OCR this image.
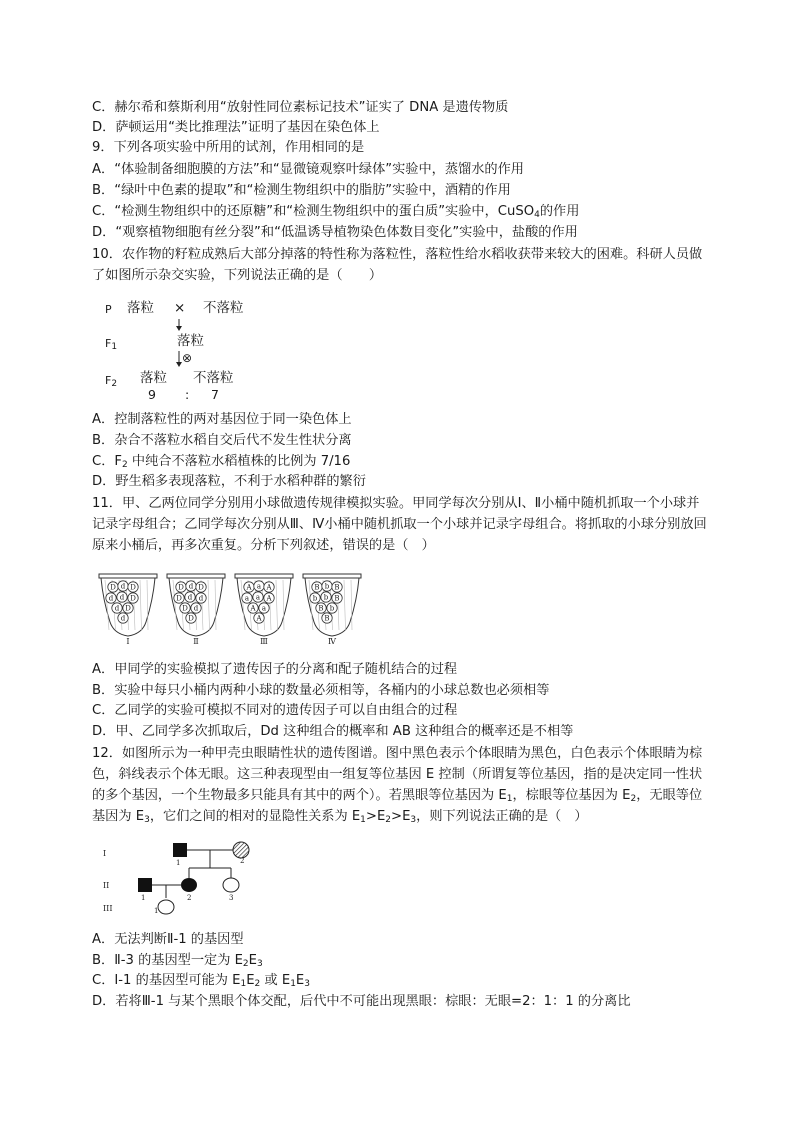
C．赫尔希和蔡斯利用“放射性同位素标记技术”证实了 DNA 是遗传物质
D．萨顿运用“类比推理法”证明了基因在染色体上
9．下列各项实验中所用的试剂，作用相同的是
A．“体验制备细胞膜的方法”和“显微镜观察叶绿体”实验中，蒸馏水的作用
B．“绿叶中色素的提取”和“检测生物组织中的脂肪”实验中，酒精的作用
C．“检测生物组织中的还原糖”和“检测生物组织中的蛋白质”实验中，CuSO$_4$的作用
D．“观察植物细胞有丝分裂”和“低温诱导植物染色体数目变化”实验中，盐酸的作用
10．农作物的籽粒成熟后大部分掉落的特性称为落粒性，落粒性给水稻收获带来较大的困难。科研人员做了如图所示杂交实验，下列说法正确的是（　　）
P 落粒 × 不落粒
$F_1$	落粒
⊗
$F_2$ 落粒 不落粒
9 : 7
A．控制落粒性的两对基因位于同一染色体上
B．杂合不落粒水稻自交后代不发生性状分离
C．$F_2$ 中纯合不落粒水稻植株的比例为 7/16
D．野生稻多表现落粒，不利于水稻种群的繁衍
11．甲、乙两位同学分别用小球做遗传规律模拟实验。甲同学每次分别从Ⅰ、Ⅱ小桶中随机抓取一个小球并记录字母组合；乙同学每次分别从Ⅲ、Ⅳ小桶中随机抓取一个小球并记录字母组合。将抓取的小球分别放回原来小桶后，再多次重复。分析下列叙述，错误的是（　）
D d D
d d D
d D
d
Ⅰ
D d D
D d d
D d
D
Ⅱ
A a A
a a A
A a
A
Ⅲ
B b B
b b B
B b
B
Ⅳ
A．甲同学的实验模拟了遗传因子的分离和配子随机结合的过程
B．实验中每只小桶内两种小球的数量必须相等，各桶内的小球总数也必须相等
C．乙同学的实验可模拟不同对的遗传因子可以自由组合的过程
D．甲、乙同学多次抓取后，Dd 这种组合的概率和 AB 这种组合的概率还是不相等
12．如图所示为一种甲壳虫眼睛性状的遗传图谱。图中黑色表示个体眼睛为黑色，白色表示个体眼睛为棕色，斜线表示个体无眼。这三种表现型由一组复等位基因 E 控制（所谓复等位基因，指的是决定同一性状的多个基因，一个生物最多只能具有其中的两个）。若黑眼等位基因为 $E_1$，棕眼等位基因为 $E_2$，无眼等位基因为 $E_3$，它们之间的相对的显隐性关系为 $E_1>E_2>E_3$，则下列说法正确的是（　）
I
II
III
1	2
1	2	3
1
A．无法判断Ⅱ-1 的基因型
B．Ⅱ-3 的基因型一定为 $E_2E_3$
C．Ⅰ-1 的基因型可能为 $E_1E_2$ 或 $E_1E_3$
D．若将Ⅲ-1 与某个黑眼个体交配，后代中不可能出现黑眼：棕眼：无眼=2：1：1 的分离比
